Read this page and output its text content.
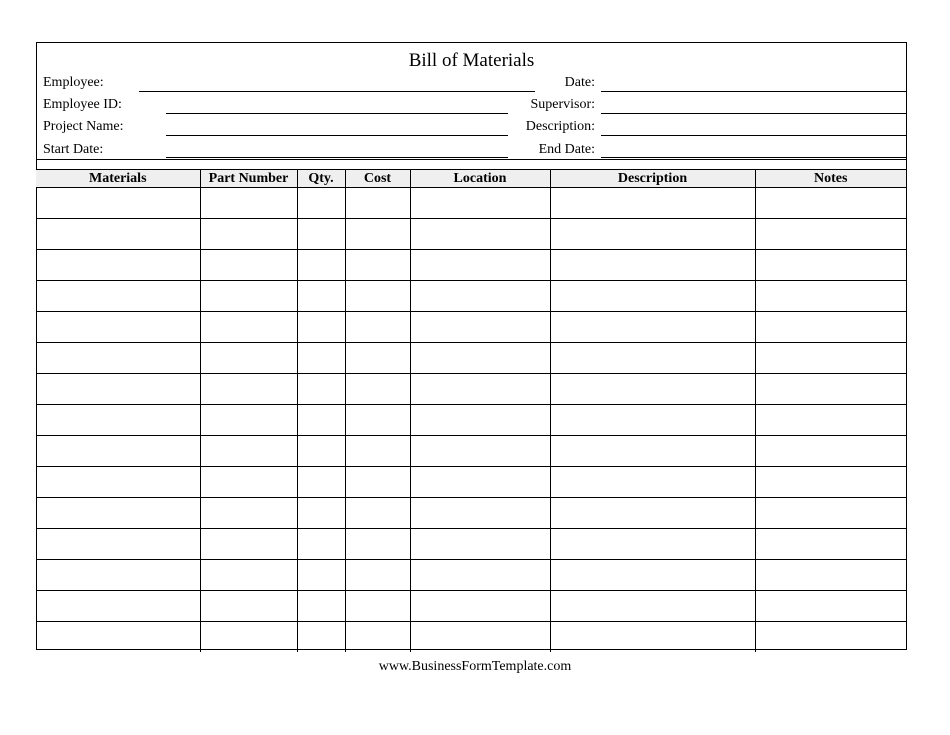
Bill of Materials
Employee:
Employee ID:
Project Name:
Start Date:
Date:
Supervisor:
Description:
End Date:
Materials	Part Number	Qty.	Cost	Location	Description	Notes

www.BusinessFormTemplate.com
